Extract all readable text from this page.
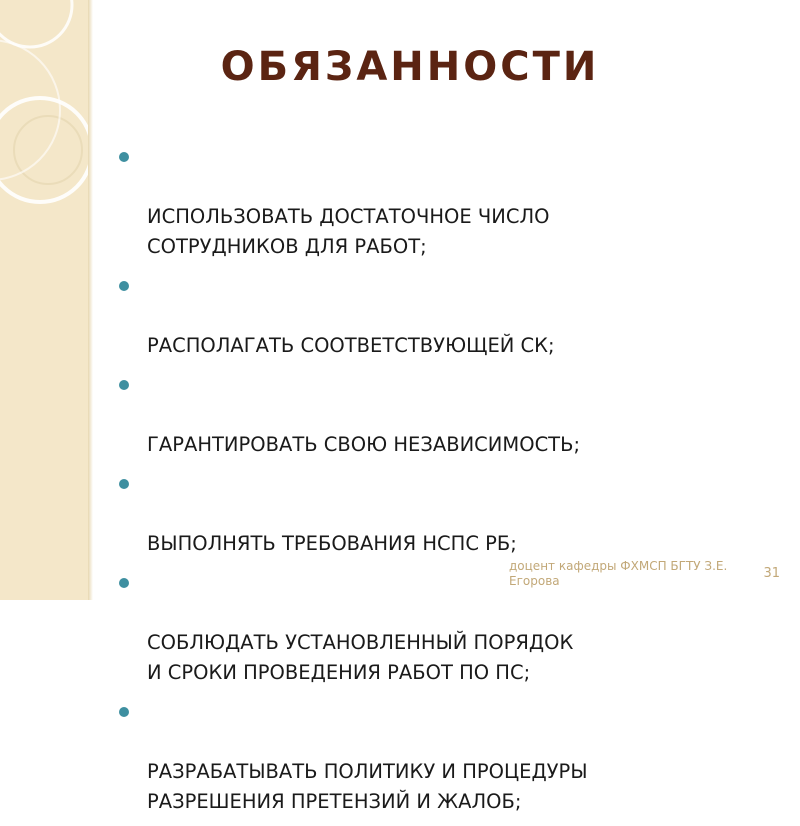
ОБЯЗАННОСТИ

ИСПОЛЬЗОВАТЬ ДОСТАТОЧНОЕ ЧИСЛО
СОТРУДНИКОВ ДЛЯ РАБОТ;

РАСПОЛАГАТЬ СООТВЕТСТВУЮЩЕЙ СК;

ГАРАНТИРОВАТЬ СВОЮ НЕЗАВИСИМОСТЬ;

ВЫПОЛНЯТЬ ТРЕБОВАНИЯ НСПС РБ;

СОБЛЮДАТЬ УСТАНОВЛЕННЫЙ ПОРЯДОК
И СРОКИ ПРОВЕДЕНИЯ РАБОТ ПО ПС;

РАЗРАБАТЫВАТЬ ПОЛИТИКУ И ПРОЦЕДУРЫ
РАЗРЕШЕНИЯ ПРЕТЕНЗИЙ И ЖАЛОБ;

доцент кафедры ФХМСП БГТУ З.Е.
Егорова	31
